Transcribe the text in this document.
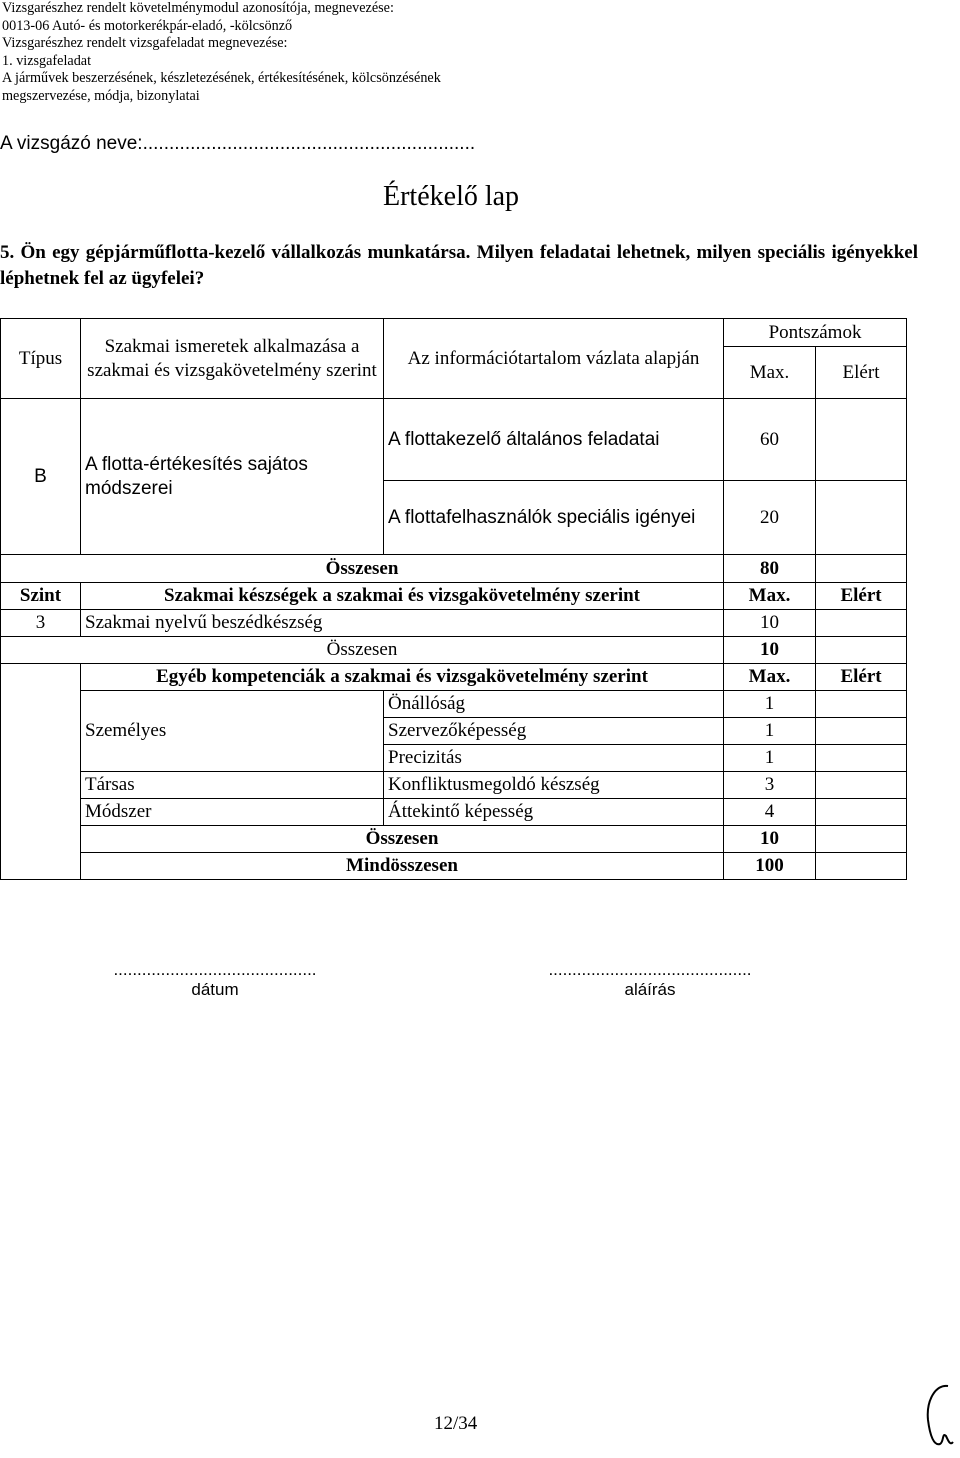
Vizsgarészhez rendelt követelménymodul azonosítója, megnevezése:
0013-06 Autó- és motorkerékpár-eladó, -kölcsönző
Vizsgarészhez rendelt vizsgafeladat megnevezése:
1. vizsgafeladat
A járművek beszerzésének, készletezésének, értékesítésének, kölcsönzésének
megszervezése, módja, bizonylatai
A vizsgázó neve:...............................................................
Értékelő lap
5. Ön egy gépjárműflotta-kezelő vállalkozás munkatársa. Milyen feladatai lehetnek, milyen speciális igényekkel léphetnek fel az ügyfelei?
Típus	Szakmai ismeretek alkalmazása a szakmai és vizsgakövetelmény szerint	Az információtartalom vázlata alapján	Pontszámok	
			Max.	Elért
B	A flotta-értékesítés sajátos módszerei	A flottakezelő általános feladatai	60	
		A flottafelhasználók speciális igényei	20	
Összesen			80	
Szint	Szakmai készségek a szakmai és vizsgakövetelmény szerint		Max.	Elért
3	Szakmai nyelvű beszédkészség		10	
Összesen			10	
	Egyéb kompetenciák a szakmai és vizsgakövetelmény szerint		Max.	Elért
	Személyes	Önállóság	1	
		Szervezőképesség	1	
		Precizitás	1	
	Társas	Konfliktusmegoldó készség	3	
	Módszer	Áttekintő képesség	4	
	Összesen		10	
	Mindösszesen		100	
...........................................
dátum
...........................................
aláírás
12/34
